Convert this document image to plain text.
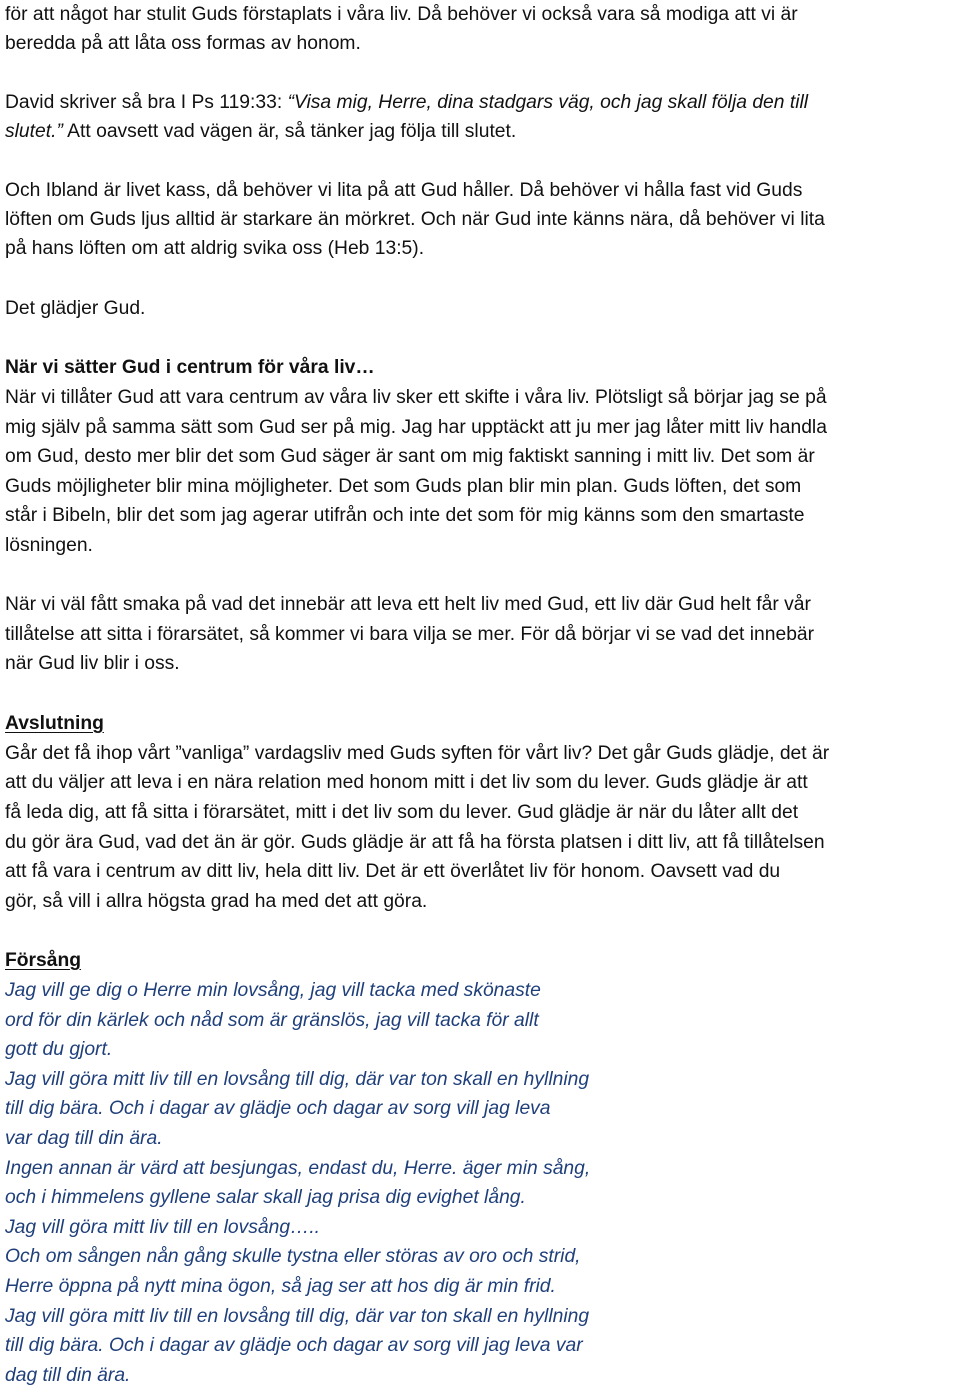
för att något har stulit Guds förstaplats i våra liv. Då behöver vi också vara så modiga att vi är
beredda på att låta oss formas av honom.
David skriver så bra I Ps 119:33: “Visa mig, Herre, dina stadgars väg, och jag skall följa den till
slutet.” Att oavsett vad vägen är, så tänker jag följa till slutet.
Och Ibland är livet kass, då behöver vi lita på att Gud håller. Då behöver vi hålla fast vid Guds
löften om Guds ljus alltid är starkare än mörkret. Och när Gud inte känns nära, då behöver vi lita
på hans löften om att aldrig svika oss (Heb 13:5).
Det glädjer Gud.
När vi sätter Gud i centrum för våra liv…
När vi tillåter Gud att vara centrum av våra liv sker ett skifte i våra liv. Plötsligt så börjar jag se på
mig själv på samma sätt som Gud ser på mig. Jag har upptäckt att ju mer jag låter mitt liv handla
om Gud, desto mer blir det som Gud säger är sant om mig faktiskt sanning i mitt liv. Det som är
Guds möjligheter blir mina möjligheter. Det som Guds plan blir min plan. Guds löften, det som
står i Bibeln, blir det som jag agerar utifrån och inte det som för mig känns som den smartaste
lösningen.
När vi väl fått smaka på vad det innebär att leva ett helt liv med Gud, ett liv där Gud helt får vår
tillåtelse att sitta i förarsätet, så kommer vi bara vilja se mer. För då börjar vi se vad det innebär
när Gud liv blir i oss.
Avslutning
Går det få ihop vårt ”vanliga” vardagsliv med Guds syften för vårt liv? Det går Guds glädje, det är
att du väljer att leva i en nära relation med honom mitt i det liv som du lever. Guds glädje är att
få leda dig, att få sitta i förarsätet, mitt i det liv som du lever. Gud glädje är när du låter allt det
du gör ära Gud, vad det än är gör. Guds glädje är att få ha första platsen i ditt liv, att få tillåtelsen
att få vara i centrum av ditt liv, hela ditt liv. Det är ett överlåtet liv för honom. Oavsett vad du
gör, så vill i allra högsta grad ha med det att göra.
Försång
Jag vill ge dig o Herre min lovsång, jag vill tacka med skönaste
ord för din kärlek och nåd som är gränslös, jag vill tacka för allt
gott du gjort.
Jag vill göra mitt liv till en lovsång till dig, där var ton skall en hyllning
till dig bära. Och i dagar av glädje och dagar av sorg vill jag leva
var dag till din ära.
Ingen annan är värd att besjungas, endast du, Herre. äger min sång,
och i himmelens gyllene salar skall jag prisa dig evighet lång.
Jag vill göra mitt liv till en lovsång…..
Och om sången nån gång skulle tystna eller störas av oro och strid,
Herre öppna på nytt mina ögon, så jag ser att hos dig är min frid.
Jag vill göra mitt liv till en lovsång till dig, där var ton skall en hyllning
till dig bära. Och i dagar av glädje och dagar av sorg vill jag leva var
dag till din ära.
